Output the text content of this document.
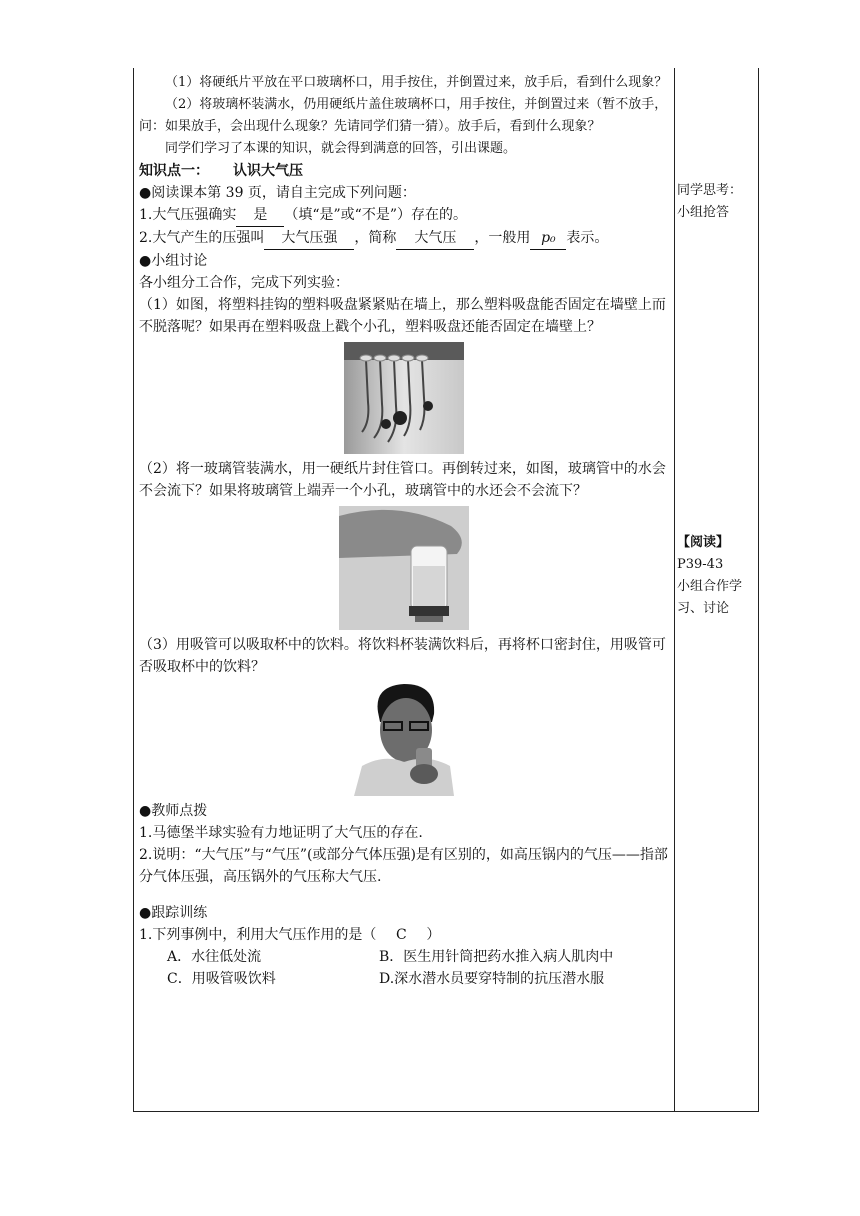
（1）将硬纸片平放在平口玻璃杯口，用手按住，并倒置过来，放手后，看到什么现象？

（2）将玻璃杯装满水，仍用硬纸片盖住玻璃杯口，用手按住，并倒置过来（暂不放手，问：如果放手，会出现什么现象？先请同学们猜一猜）。放手后，看到什么现象？

同学们学习了本课的知识，就会得到满意的回答，引出课题。

知识点一： 认识大气压

●阅读课本第 39 页，请自主完成下列问题：

1.大气压强确实 是 （填“是”或“不是”）存在的。

2.大气产生的压强叫 大气压强 ，简称 大气压 ，一般用 p₀ 表示。

●小组讨论

各小组分工合作，完成下列实验：

（1）如图，将塑料挂钩的塑料吸盘紧紧贴在墙上，那么塑料吸盘能否固定在墙壁上而不脱落呢？如果再在塑料吸盘上戳个小孔，塑料吸盘还能否固定在墙壁上？

（2）将一玻璃管装满水，用一硬纸片封住管口。再倒转过来，如图，玻璃管中的水会不会流下？如果将玻璃管上端弄一个小孔，玻璃管中的水还会不会流下？

（3）用吸管可以吸取杯中的饮料。将饮料杯装满饮料后，再将杯口密封住，用吸管可否吸取杯中的饮料？

●教师点拨

1.马德堡半球实验有力地证明了大气压的存在.

2.说明：“大气压”与“气压”(或部分气体压强)是有区别的，如高压锅内的气压——指部分气体压强，高压锅外的气压称大气压.

●跟踪训练

1.下列事例中，利用大气压作用的是（ C ）

A．水往低处流	B．医生用针筒把药水推入病人肌肉中

C．用吸管吸饮料	D.深水潜水员要穿特制的抗压潜水服

同学思考：小组抢答
【阅读】
P39-43
小组合作学习、讨论
